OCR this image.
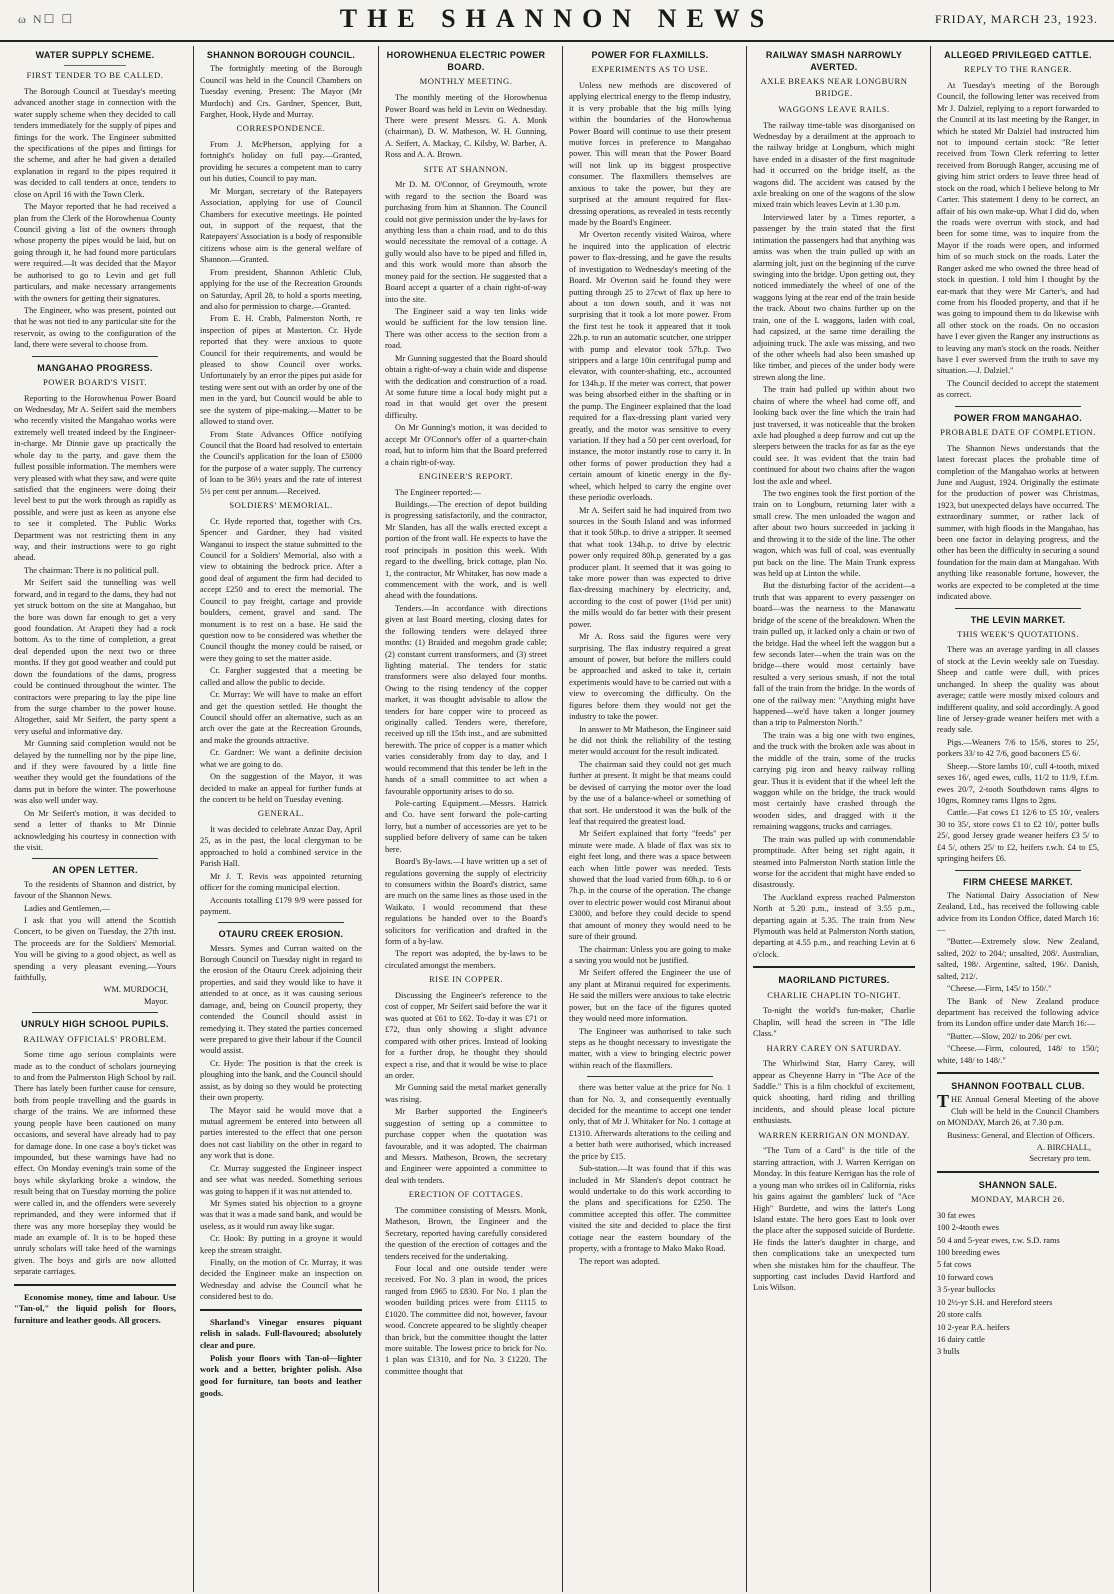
ω Ν☐ ☐	THE SHANNON NEWS	FRIDAY, MARCH 23, 1923.
WATER SUPPLY SCHEME.
FIRST TENDER TO BE CALLED.

The Borough Council at Tuesday's meeting advanced another stage in connection with the water supply scheme when they decided to call tenders immediately for the supply of pipes and fittings for the work. The Engineer submitted the specifications of the pipes and fittings for the scheme, and after he had given a detailed explanation in regard to the pipes required it was decided to call tenders at once, tenders to close on April 16 with the Town Clerk.

The Mayor reported that he had received a plan from the Clerk of the Horowhenua County Council giving a list of the owners through whose property the pipes would be laid, but on going through it, he had found more particulars were required.—It was decided that the Mayor be authorised to go to Levin and get full particulars, and make necessary arrangements with the owners for getting their signatures.

The Engineer, who was present, pointed out that he was not tied to any particular site for the reservoir, as owing to the configuration of the land, there were several to choose from.

MANGAHAO PROGRESS.
POWER BOARD'S VISIT.

Reporting to the Horowhenua Power Board on Wednesday, Mr A. Seifert said the members who recently visited the Mangahao works were extremely well treated indeed by the Engineer-in-charge. Mr Dinnie gave up practically the whole day to the party, and gave them the fullest possible information. The members were very pleased with what they saw, and were quite satisfied that the engineers were doing their level best to put the work through as rapidly as possible, and were just as keen as anyone else to see it completed. The Public Works Department was not restricting them in any way, and their instructions were to go right ahead.

The chairman: There is no political pull.

Mr Seifert said the tunnelling was well forward, and in regard to the dams, they had not yet struck bottom on the site at Mangahao, but the bore was down far enough to get a very good foundation. At Arapeti they had a rock bottom. As to the time of completion, a great deal depended upon the next two or three months. If they got good weather and could put down the foundations of the dams, progress could be continued throughout the winter. The contractors were preparing to lay the pipe line from the surge chamber to the power house. Altogether, said Mr Seifert, the party spent a very useful and informative day.

Mr Gunning said completion would not be delayed by the tunnelling nor by the pipe line, and if they were favoured by a little fine weather they would get the foundations of the dams put in before the winter. The powerhouse was also well under way.

On Mr Seifert's motion, it was decided to send a letter of thanks to Mr Dinnie acknowledging his courtesy in connection with the visit.

AN OPEN LETTER.

To the residents of Shannon and district, by favour of the Shannon News.

Ladies and Gentlemen,—

I ask that you will attend the Scottish Concert, to be given on Tuesday, the 27th inst. The proceeds are for the Soldiers' Memorial. You will be giving to a good object, as well as spending a very pleasant evening.—Yours faithfully,

WM. MURDOCH,

Mayor.

UNRULY HIGH SCHOOL PUPILS.
RAILWAY OFFICIALS' PROBLEM.

Some time ago serious complaints were made as to the conduct of scholars journeying to and from the Palmerston High School by rail. There has lately been further cause for censure, both from people travelling and the guards in charge of the trains. We are informed these young people have been cautioned on many occasions, and several have already had to pay for damage done. In one case a boy's ticket was impounded, but these warnings have had no effect. On Monday evening's train some of the boys while skylarking broke a window, the result being that on Tuesday morning the police were called in, and the offenders were severely reprimanded, and they were informed that if there was any more horseplay they would be made an example of. It is to be hoped these unruly scholars will take heed of the warnings given. The boys and girls are now allotted separate carriages.

Economise money, time and labour. Use "Tan-ol," the liquid polish for floors, furniture and leather goods. All grocers.

SHANNON BOROUGH COUNCIL.

The fortnightly meeting of the Borough Council was held in the Council Chambers on Tuesday evening. Present: The Mayor (Mr Murdoch) and Crs. Gardner, Spencer, Butt, Fargher, Hook, Hyde and Murray.

CORRESPONDENCE.

From J. McPherson, applying for a fortnight's holiday on full pay.—Granted, providing he secures a competent man to carry out his duties, Council to pay man.

Mr Morgan, secretary of the Ratepayers Association, applying for use of Council Chambers for executive meetings. He pointed out, in support of the request, that the Ratepayers' Association is a body of responsible citizens whose aim is the general welfare of Shannon.—Granted.

From president, Shannon Athletic Club, applying for the use of the Recreation Grounds on Saturday, April 28, to hold a sports meeting, and also for permission to charge.—Granted.

From E. H. Crabb, Palmerston North, re inspection of pipes at Masterton. Cr. Hyde reported that they were anxious to quote Council for their requirements, and would be pleased to show Council over works. Unfortunately by an error the pipes put aside for testing were sent out with an order by one of the men in the yard, but Council would be able to see the system of pipe-making.—Matter to be allowed to stand over.

From State Advances Office notifying Council that the Board had resolved to entertain the Council's application for the loan of £5000 for the purpose of a water supply. The currency of loan to be 36½ years and the rate of interest 5½ per cent per annum.—Received.

SOLDIERS' MEMORIAL.

Cr. Hyde reported that, together with Crs. Spencer and Gardner, they had visited Wanganui to inspect the statue submitted to the Council for a Soldiers' Memorial, also with a view to obtaining the bedrock price. After a good deal of argument the firm had decided to accept £250 and to erect the memorial. The Council to pay freight, cartage and provide boulders, cement, gravel and sand. The monument is to rest on a base. He said the question now to be considered was whether the Council thought the money could be raised, or were they going to set the matter aside.

Cr. Fargher suggested that a meeting be called and allow the public to decide.

Cr. Murray: We will have to make an effort and get the question settled. He thought the Council should offer an alternative, such as an arch over the gate at the Recreation Grounds, and make the grounds attractive.

Cr. Gardner: We want a definite decision what we are going to do.

On the suggestion of the Mayor, it was decided to make an appeal for further funds at the concert to be held on Tuesday evening.

GENERAL.

It was decided to celebrate Anzac Day, April 25, as in the past, the local clergyman to be approached to hold a combined service in the Parish Hall.

Mr J. T. Revis was appointed returning officer for the coming municipal election.

Accounts totalling £179 9/9 were passed for payment.

OTAURU CREEK EROSION.

Messrs. Symes and Curran waited on the Borough Council on Tuesday night in regard to the erosion of the Otauru Creek adjoining their properties, and said they would like to have it attended to at once, as it was causing serious damage, and, being on Council property, they contended the Council should assist in remedying it. They stated the parties concerned were prepared to give their labour if the Council would assist.

Cr. Hyde: The position is that the creek is ploughing into the bank, and the Council should assist, as by doing so they would be protecting their own property.

The Mayor said he would move that a mutual agreement be entered into between all parties interested to the effect that one person does not cast liability on the other in regard to any work that is done.

Cr. Murray suggested the Engineer inspect and see what was needed. Something serious was going to happen if it was not attended to.

Mr Symes stated his objection to a groyne was that it was a made sand bank, and would be useless, as it would run away like sugar.

Cr. Hook: By putting in a groyne it would keep the stream straight.

Finally, on the motion of Cr. Murray, it was decided the Engineer make an inspection on Wednesday and advise the Council what he considered best to do.

Sharland's Vinegar ensures piquant relish in salads. Full-flavoured; absolutely clear and pure.

Polish your floors with Tan-ol—lighter work and a better, brighter polish. Also good for furniture, tan boots and leather goods.

HOROWHENUA ELECTRIC POWER BOARD.
MONTHLY MEETING.

The monthly meeting of the Horowhenua Power Board was held in Levin on Wednesday. There were present Messrs. G. A. Monk (chairman), D. W. Matheson, W. H. Gunning, A. Seifert, A. Mackay, C. Kilsby, W. Barber, A. Ross and A. A. Brown.

SITE AT SHANNON.

Mr D. M. O'Connor, of Greymouth, wrote with regard to the section the Board was purchasing from him at Shannon. The Council could not give permission under the by-laws for anything less than a chain road, and to do this would necessitate the removal of a cottage. A gully would also have to be piped and filled in, and this work would more than absorb the money paid for the section. He suggested that a Board accept a quarter of a chain right-of-way into the site.

The Engineer said a way ten links wide would be sufficient for the low tension line. There was other access to the section from a road.

Mr Gunning suggested that the Board should obtain a right-of-way a chain wide and dispense with the dedication and construction of a road. At some future time a local body might put a road in that would get over the present difficulty.

On Mr Gunning's motion, it was decided to accept Mr O'Connor's offer of a quarter-chain road, but to inform him that the Board preferred a chain right-of-way.

ENGINEER'S REPORT.

The Engineer reported:—

Buildings.—The erection of depot building is progressing satisfactorily, and the contractor, Mr Slanden, has all the walls erected except a portion of the front wall. He expects to have the roof principals in position this week. With regard to the dwelling, brick cottage, plan No. 1, the contractor, Mr Whitaker, has now made a commencement with the work, and is well ahead with the foundations.

Tenders.—In accordance with directions given at last Board meeting, closing dates for the following tenders were delayed three months: (1) Braided and megohm grade cable; (2) constant current transformers, and (3) street lighting material. The tenders for static transformers were also delayed four months. Owing to the rising tendency of the copper market, it was thought advisable to allow the tenders for bare copper wire to proceed as originally called. Tenders were, therefore, received up till the 15th inst., and are submitted herewith. The price of copper is a matter which varies considerably from day to day, and I would recommend that this tender be left in the hands of a small committee to act when a favourable opportunity arises to do so.

Pole-carting Equipment.—Messrs. Hatrick and Co. have sent forward the pole-carting lorry, but a number of accessories are yet to be supplied before delivery of same can be taken here.

Board's By-laws.—I have written up a set of regulations governing the supply of electricity to consumers within the Board's district, same are much on the same lines as those used in the Waikato. I would recommend that these regulations be handed over to the Board's solicitors for verification and drafted in the form of a by-law.

The report was adopted, the by-laws to be circulated amongst the members.

RISE IN COPPER.

Discussing the Engineer's reference to the cost of copper, Mr Seifert said before the war it was quoted at £61 to £62. To-day it was £71 or £72, thus only showing a slight advance compared with other prices. Instead of looking for a further drop, he thought they should expect a rise, and that it would be wise to place an order.

Mr Gunning said the metal market generally was rising.

Mr Barber supported the Engineer's suggestion of setting up a committee to purchase copper when the quotation was favourable, and it was adopted. The chairman and Messrs. Matheson, Brown, the secretary and Engineer were appointed a committee to deal with tenders.

ERECTION OF COTTAGES.

The committee consisting of Messrs. Monk, Matheson, Brown, the Engineer and the Secretary, reported having carefully considered the question of the erection of cottages and the tenders received for the undertaking.

Four local and one outside tender were received. For No. 3 plan in wood, the prices ranged from £965 to £830. For No. 1 plan the wooden building prices were from £1115 to £1020. The committee did not, however, favour wood. Concrete appeared to be slightly cheaper than brick, but the committee thought the latter more suitable. The lowest price to brick for No. 1 plan was £1310, and for No. 3 £1220. The committee thought that

POWER FOR FLAXMILLS.
EXPERIMENTS AS TO USE.

Unless new methods are discovered of applying electrical energy to the flemp industry, it is very probable that the big mills lying within the boundaries of the Horowhenua Power Board will continue to use their present motive forces in preference to Mangahao power. This will mean that the Power Board will not link up its biggest prospective consumer. The flaxmillers themselves are anxious to take the power, but they are surprised at the amount required for flax-dressing operations, as revealed in tests recently made by the Board's Engineer.

Mr Overton recently visited Wairoa, where he inquired into the application of electric power to flax-dressing, and he gave the results of investigation to Wednesday's meeting of the Board. Mr Overton said he found they were putting through 25 to 27cwt of flax up here to about a ton down south, and it was not surprising that it took a lot more power. From the first test he took it appeared that it took 22h.p. to run an automatic scutcher, one stripper with pump and elevator took 57h.p. Two strippers and a large 10in centrifugal pump and elevator, with counter-shafting, etc., accounted for 134h.p. If the meter was correct, that power was being absorbed either in the shafting or in the pump. The Engineer explained that the load required for a flax-dressing plant varied very greatly, and the motor was sensitive to every variation. If they had a 50 per cent overload, for instance, the motor instantly rose to carry it. In other forms of power production they had a certain amount of kinetic energy in the fly-wheel, which helped to carry the engine over these periodic overloads.

Mr A. Seifert said he had inquired from two sources in the South Island and was informed that it took 50h.p. to drive a stripper. It seemed that what took 134h.p. to drive by electric power only required 80h.p. generated by a gas producer plant. It seemed that it was going to take more power than was expected to drive flax-dressing machinery by electricity, and, according to the cost of power (1½d per unit) the mills would do far better with their present power.

Mr A. Ross said the figures were very surprising. The flax industry required a great amount of power, but before the millers could be approached and asked to take it, certain experiments would have to be carried out with a view to overcoming the difficulty. On the figures before them they would not get the industry to take the power.

In answer to Mr Matheson, the Engineer said he did not think the reliability of the testing meter would account for the result indicated.

The chairman said they could not get much further at present. It might be that means could be devised of carrying the motor over the load by the use of a balance-wheel or something of that sort. He understood it was the bulk of the leaf that required the greatest load.

Mr Seifert explained that forty "feeds" per minute were made. A blade of flax was six to eight feet long, and there was a space between each when little power was needed. Tests showed that the load varied from 60h.p. to 6 or 7h.p. in the course of the operation. The change over to electric power would cost Miranui about £3000, and before they could decide to spend that amount of money they would need to be sure of their ground.

The chairman: Unless you are going to make a saving you would not be justified.

Mr Seifert offered the Engineer the use of any plant at Miranui required for experiments. He said the millers were anxious to take electric power, but on the face of the figures quoted they would need more information.

The Engineer was authorised to take such steps as he thought necessary to investigate the matter, with a view to bringing electric power within reach of the flaxmillers.

there was better value at the price for No. 1 than for No. 3, and consequently eventually decided for the meantime to accept one tender only, that of Mr J. Whitaker for No. 1 cottage at £1310. Afterwards alterations to the ceiling and a better bath were authorised, which increased the price by £15.

Sub-station.—It was found that if this was included in Mr Slanden's depot contract he would undertake to do this work according to the plans and specifications for £250. The committee accepted this offer. The committee visited the site and decided to place the first cottage near the eastern boundary of the property, with a frontage to Mako Mako Road.

The report was adopted.

RAILWAY SMASH NARROWLY AVERTED.
AXLE BREAKS NEAR LONGBURN BRIDGE.
WAGGONS LEAVE RAILS.

The railway time-table was disorganised on Wednesday by a derailment at the approach to the railway bridge at Longburn, which might have ended in a disaster of the first magnitude had it occurred on the bridge itself, as the wagons did. The accident was caused by the axle breaking on one of the wagons of the slow mixed train which leaves Levin at 1.30 p.m.

Interviewed later by a Times reporter, a passenger by the train stated that the first intimation the passengers had that anything was amiss was when the train pulled up with an alarming jolt, just on the beginning of the curve swinging into the bridge. Upon getting out, they noticed immediately the wheel of one of the waggons lying at the rear end of the train beside the track. About two chains further up on the train, one of the L waggons, laden with coal, had capsized, at the same time derailing the adjoining truck. The axle was missing, and two of the other wheels had also been smashed up like timber, and pieces of the under body were strewn along the line.

The train had pulled up within about two chains of where the wheel had come off, and looking back over the line which the train had just traversed, it was noticeable that the broken axle had ploughed a deep furrow and cut up the sleepers between the tracks for as far as the eye could see. It was evident that the train had continued for about two chains after the wagon lost the axle and wheel.

The two engines took the first portion of the train on to Longburn, returning later with a small crew. The men unloaded the wagon and after about two hours succeeded in jacking it and throwing it to the side of the line. The other wagon, which was full of coal, was eventually put back on the line. The Main Trunk express was held up at Linton the while.

But the disturbing factor of the accident—a truth that was apparent to every passenger on board—was the nearness to the Manawatu bridge of the scene of the breakdown. When the train pulled up, it lacked only a chain or two of the bridge. Had the wheel left the waggon but a few seconds later—when the train was on the bridge—there would most certainly have resulted a very serious smash, if not the total fall of the train from the bridge. In the words of one of the railway men: "Anything might have happened—we'd have taken a longer journey than a trip to Palmerston North."

The train was a big one with two engines, and the truck with the broken axle was about in the middle of the train, some of the trucks carrying pig iron and heavy railway rolling gear. Thus it is evident that if the wheel left the waggon while on the bridge, the truck would most certainly have crashed through the wooden sides, and dragged with it the remaining waggons, trucks and carriages.

The train was pulled up with commendable promptitude. After being set right again, it steamed into Palmerston North station little the worse for the accident that might have ended so disastrously.

The Auckland express reached Palmerston North at 5.20 p.m., instead of 3.55 p.m., departing again at 5.35. The train from New Plymouth was held at Palmerston North station, departing at 4.55 p.m., and reaching Levin at 6 o'clock.

MAORILAND PICTURES.
CHARLIE CHAPLIN TO-NIGHT.

To-night the world's fun-maker, Charlie Chaplin, will head the screen in "The Idle Class."

HARRY CAREY ON SATURDAY.

The Whirlwind Star, Harry Carey, will appear as Cheyenne Harry in "The Ace of the Saddle." This is a film chockful of excitement, quick shooting, hard riding and thrilling incidents, and should please local picture enthusiasts.

WARREN KERRIGAN ON MONDAY.

"The Turn of a Card" is the title of the starring attraction, with J. Warren Kerrigan on Monday. In this feature Kerrigan has the role of a young man who strikes oil in California, risks his gains against the gamblers' luck of "Ace High" Burdette, and wins the latter's Long Island estate. The hero goes East to look over the place after the supposed suicide of Burdette. He finds the latter's daughter in charge, and then complications take an unexpected turn when she mistakes him for the chauffeur. The supporting cast includes David Hartford and Lois Wilson.

ALLEGED PRIVILEGED CATTLE.
REPLY TO THE RANGER.

At Tuesday's meeting of the Borough Council, the following letter was received from Mr J. Dalziel, replying to a report forwarded to the Council at its last meeting by the Ranger, in which he stated Mr Dalziel had instructed him not to impound certain stock: "Re letter received from Town Clerk referring to letter received from Borough Ranger, accusing me of giving him strict orders to leave three head of stock on the road, which I believe belong to Mr Carter. This statement I deny to be correct, an affair of his own make-up. What I did do, when the roads were overrun with stock, and had been for some time, was to inquire from the Mayor if the roads were open, and informed him of so much stock on the roads. Later the Ranger asked me who owned the three head of stock in question. I told him I thought by the ear-mark that they were Mr Carter's, and had come from his flooded property, and that if he was going to impound them to do likewise with all other stock on the roads. On no occasion have I ever given the Ranger any instructions as to leaving any man's stock on the roads. Neither have I ever swerved from the truth to save my situation.—J. Dalziel."

The Council decided to accept the statement as correct.

POWER FROM MANGAHAO.
PROBABLE DATE OF COMPLETION.

The Shannon News understands that the latest forecast places the probable time of completion of the Mangahao works at between June and August, 1924. Originally the estimate for the production of power was Christmas, 1923, but unexpected delays have occurred. The extraordinary summer, or rather lack of summer, with high floods in the Mangahao, has been one factor in delaying progress, and the other has been the difficulty in securing a sound foundation for the main dam at Mangahao. With anything like reasonable fortune, however, the works are expected to be completed at the time indicated above.

THE LEVIN MARKET.
THIS WEEK'S QUOTATIONS.

There was an average yarding in all classes of stock at the Levin weekly sale on Tuesday. Sheep and cattle were dull, with prices unchanged. In sheep the quality was about average; cattle were mostly mixed colours and indifferent quality, and sold accordingly. A good line of Jersey-grade weaner heifers met with a ready sale.

Pigs.—Weaners 7/6 to 15/6, stores to 25/, porkers 33/ to 42 7/6, good baconers £5 6/.

Sheep.—Store lambs 10/, cull 4-tooth, mixed sexes 16/, aged ewes, culls, 11/2 to 11/9, f.f.m. ewes 20/7, 2-tooth Southdown rams 4lgns to 10gns, Romney rams 1lgns to 2gns.

Cattle.—Fat cows £1 12/6 to £5 10/, vealers 30 to 35/, store cows £1 to £2 10/, potter bulls 25/, good Jersey grade weaner heifers £3 5/ to £4 5/, others 25/ to £2, heifers r.w.b. £4 to £5, springing heifers £6.

FIRM CHEESE MARKET.

The National Dairy Association of New Zealand, Ltd., has received the following cable advice from its London Office, dated March 16:—

"Butter.—Extremely slow. New Zealand, salted, 202/ to 204/; unsalted, 208/. Australian, salted, 198/. Argentine, salted, 196/. Danish, salted, 212/.

"Cheese.—Firm, 145/ to 150/."

The Bank of New Zealand produce department has received the following advice from its London office under date March 16:—

"Butter.—Slow, 202/ to 206/ per cwt.

"Cheese.—Firm, coloured, 148/ to 150/; white, 148/ to 148/."

SHANNON FOOTBALL CLUB.

THE Annual General Meeting of the above Club will be held in the Council Chambers on MONDAY, March 26, at 7.30 p.m.

Business: General, and Election of Officers.

A. BIRCHALL,

Secretary pro tem.

SHANNON SALE.
MONDAY, MARCH 26.

30 fat ewes

100 2-4tooth ewes

50 4 and 5-year ewes, r.w. S.D. rams

100 breeding ewes

5 fat cows

10 forward cows

3 5-year bullocks

10 2½-yr S.H. and Hereford steers

20 store calfs

10 2-year P.A. heifers

16 dairy cattle

3 bulls
